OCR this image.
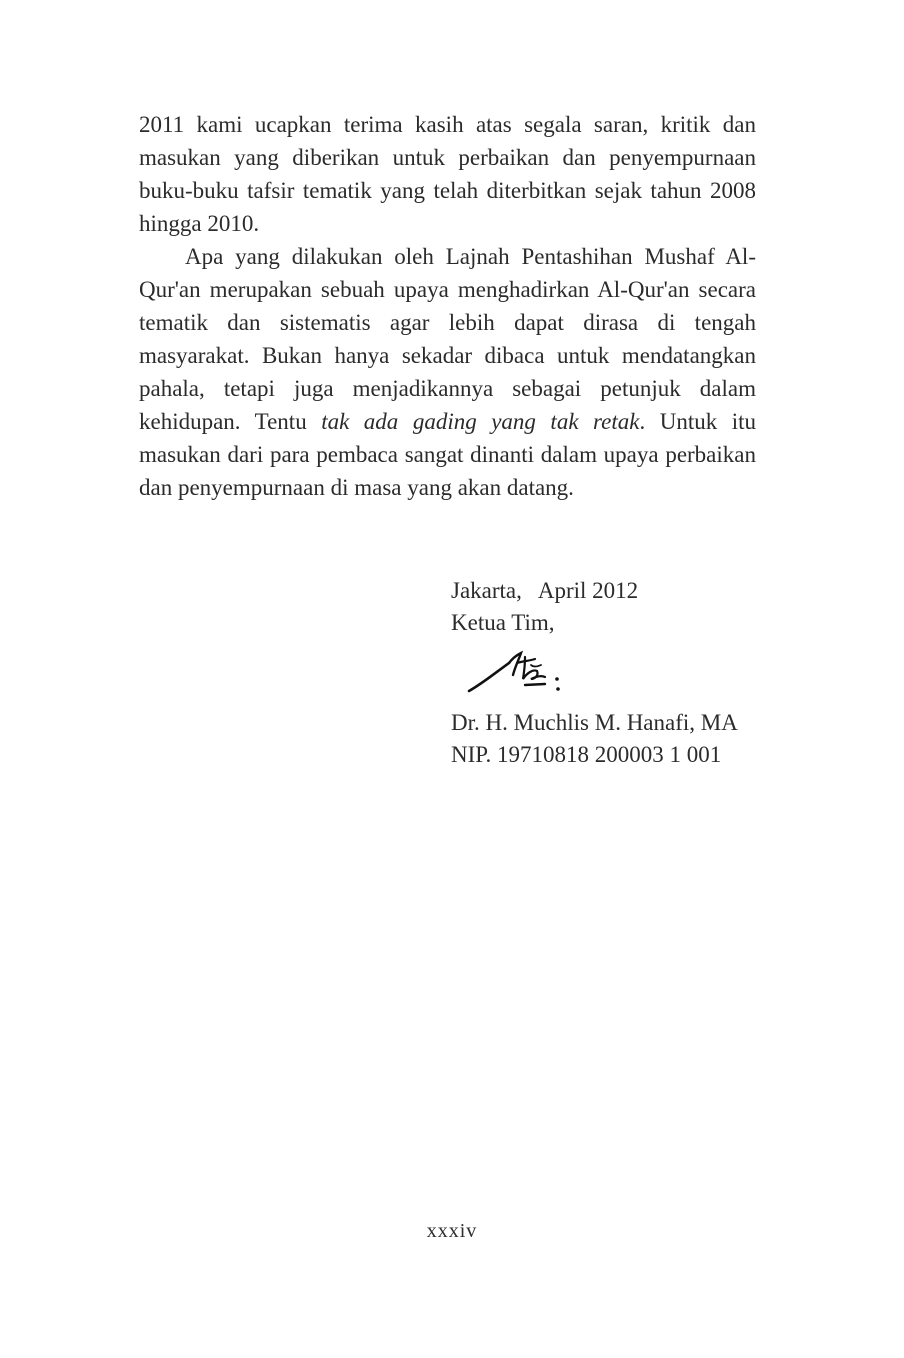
2011 kami ucapkan terima kasih atas segala saran, kritik dan masukan yang diberikan untuk perbaikan dan penyempurnaan buku-buku tafsir tematik yang telah diterbitkan sejak tahun 2008 hingga 2010.

Apa yang dilakukan oleh Lajnah Pentashihan Mushaf Al-Qur'an merupakan sebuah upaya menghadirkan Al-Qur'an secara tematik dan sistematis agar lebih dapat dirasa di tengah masyarakat. Bukan hanya sekadar dibaca untuk mendatangkan pahala, tetapi juga menjadikannya sebagai petunjuk dalam kehidupan. Tentu tak ada gading yang tak retak. Untuk itu masukan dari para pembaca sangat dinanti dalam upaya perbaikan dan penyempurnaan di masa yang akan datang.

Jakarta,   April 2012
Ketua Tim,
Dr. H. Muchlis M. Hanafi, MA
NIP. 19710818 200003 1 001
xxxiv
